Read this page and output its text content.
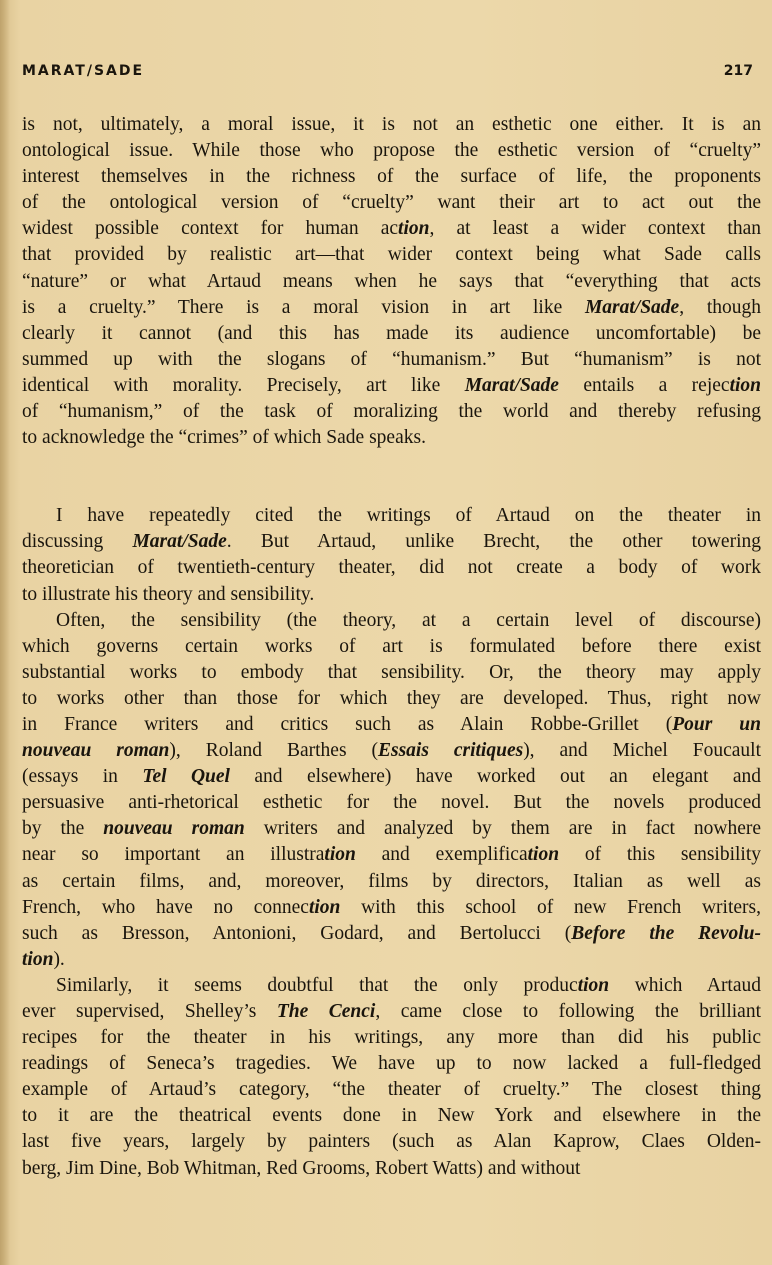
MARAT/SADE	217

is not, ultimately, a moral issue, it is not an esthetic one either. It is an
ontological issue. While those who propose the esthetic version of “cruelty”
interest themselves in the richness of the surface of life, the proponents
of the ontological version of “cruelty” want their art to act out the
widest possible context for human action, at least a wider context than
that provided by realistic art—that wider context being what Sade calls
“nature” or what Artaud means when he says that “everything that acts
is a cruelty.” There is a moral vision in art like Marat/Sade, though
clearly it cannot (and this has made its audience uncomfortable) be
summed up with the slogans of “humanism.” But “humanism” is not
identical with morality. Precisely, art like Marat/Sade entails a rejection
of “humanism,” of the task of moralizing the world and thereby refusing
to acknowledge the “crimes” of which Sade speaks.

I have repeatedly cited the writings of Artaud on the theater in
discussing Marat/Sade. But Artaud, unlike Brecht, the other towering
theoretician of twentieth-century theater, did not create a body of work
to illustrate his theory and sensibility.

Often, the sensibility (the theory, at a certain level of discourse)
which governs certain works of art is formulated before there exist
substantial works to embody that sensibility. Or, the theory may apply
to works other than those for which they are developed. Thus, right now
in France writers and critics such as Alain Robbe-Grillet (Pour un
nouveau roman), Roland Barthes (Essais critiques), and Michel Foucault
(essays in Tel Quel and elsewhere) have worked out an elegant and
persuasive anti-rhetorical esthetic for the novel. But the novels produced
by the nouveau roman writers and analyzed by them are in fact nowhere
near so important an illustration and exemplification of this sensibility
as certain films, and, moreover, films by directors, Italian as well as
French, who have no connection with this school of new French writers,
such as Bresson, Antonioni, Godard, and Bertolucci (Before the Revolu-
tion).

Similarly, it seems doubtful that the only production which Artaud
ever supervised, Shelley’s The Cenci, came close to following the brilliant
recipes for the theater in his writings, any more than did his public
readings of Seneca’s tragedies. We have up to now lacked a full-fledged
example of Artaud’s category, “the theater of cruelty.” The closest thing
to it are the theatrical events done in New York and elsewhere in the
last five years, largely by painters (such as Alan Kaprow, Claes Olden-
berg, Jim Dine, Bob Whitman, Red Grooms, Robert Watts) and without
